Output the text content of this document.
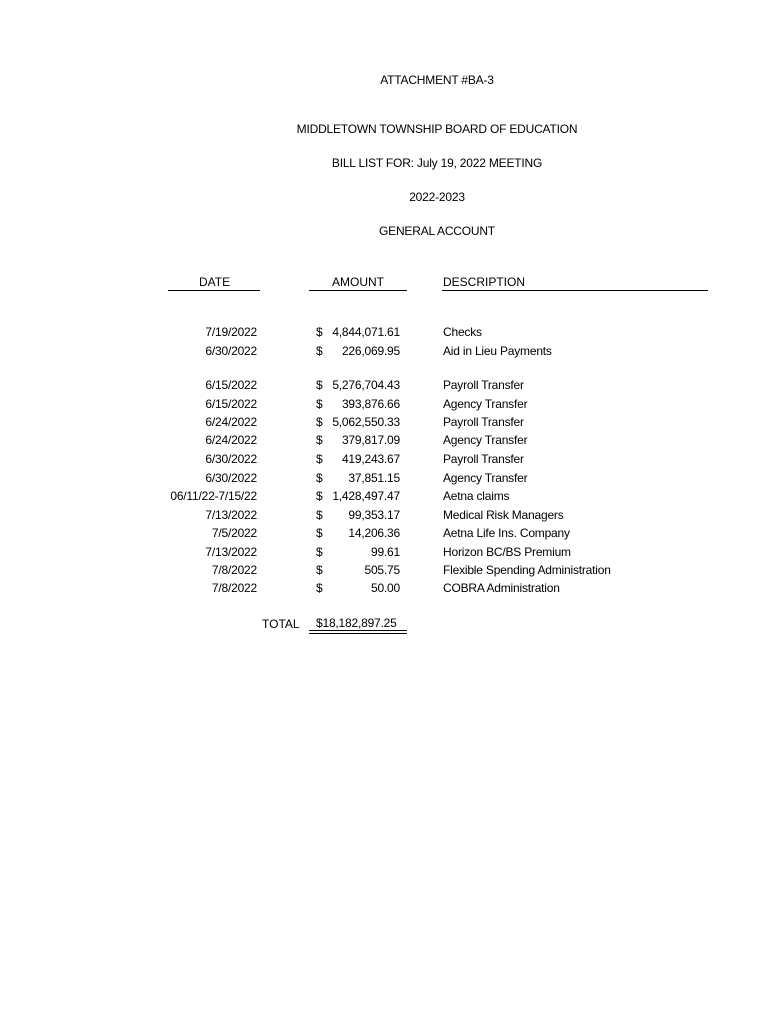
ATTACHMENT #BA-3
MIDDLETOWN TOWNSHIP BOARD OF EDUCATION
BILL LIST FOR: July 19, 2022 MEETING
2022-2023
GENERAL ACCOUNT
DATE	AMOUNT	DESCRIPTION
7/19/2022	$ 4,844,071.61	Checks
6/30/2022	$ 226,069.95	Aid in Lieu Payments
6/15/2022	$ 5,276,704.43	Payroll Transfer
6/15/2022	$ 393,876.66	Agency Transfer
6/24/2022	$ 5,062,550.33	Payroll Transfer
6/24/2022	$ 379,817.09	Agency Transfer
6/30/2022	$ 419,243.67	Payroll Transfer
6/30/2022	$ 37,851.15	Agency Transfer
06/11/22-7/15/22	$ 1,428,497.47	Aetna claims
7/13/2022	$ 99,353.17	Medical Risk Managers
7/5/2022	$ 14,206.36	Aetna Life Ins. Company
7/13/2022	$	99.61	Horizon BC/BS Premium
7/8/2022	$	505.75	Flexible Spending Administration
7/8/2022	$	50.00	COBRA Administration
TOTAL $18,182,897.25
